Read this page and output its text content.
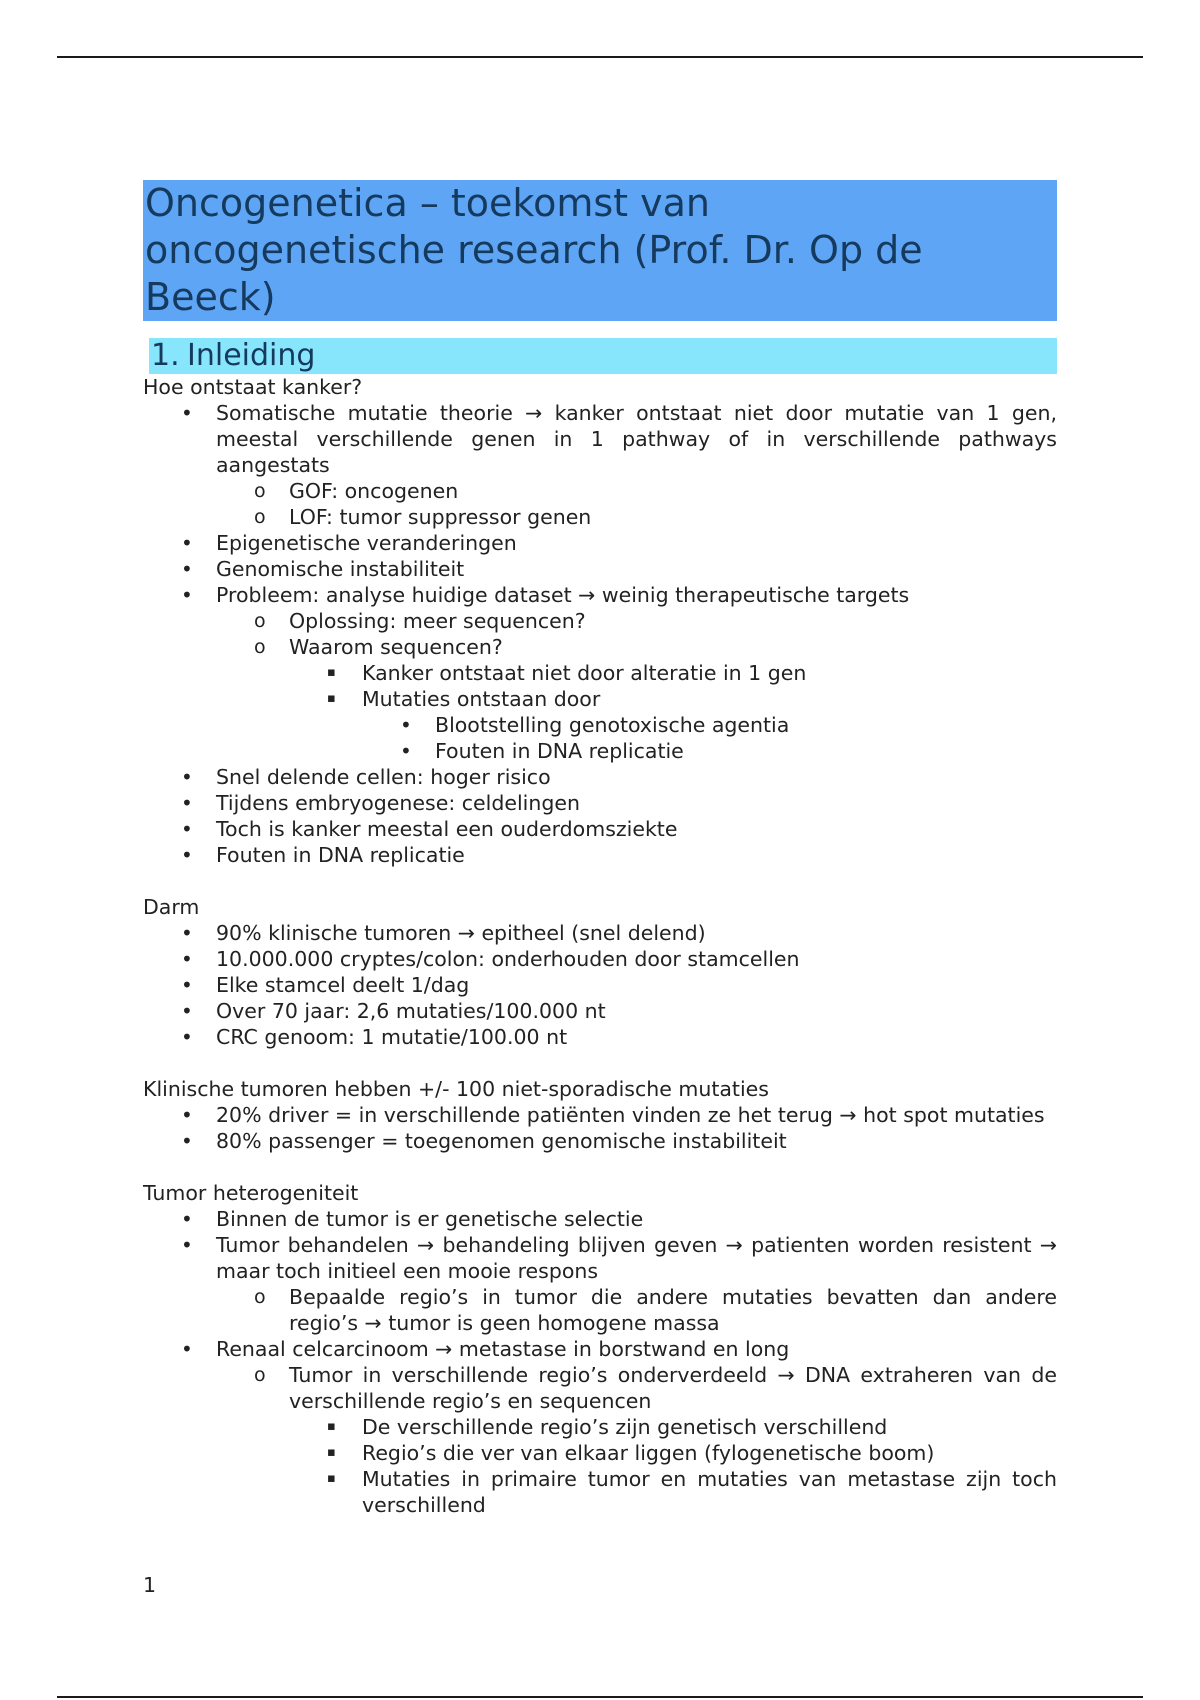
Oncogenetica – toekomst van
oncogenetische research (Prof. Dr. Op de
Beeck)
1. Inleiding

Hoe ontstaat kanker?

• Somatische mutatie theorie → kanker ontstaat niet door mutatie van 1 gen, meestal verschillende genen in 1 pathway of in verschillende pathways aangestats
o GOF: oncogenen
o LOF: tumor suppressor genen
• Epigenetische veranderingen
• Genomische instabiliteit
• Probleem: analyse huidige dataset → weinig therapeutische targets
o Oplossing: meer sequencen?
o Waarom sequencen?
▪ Kanker ontstaat niet door alteratie in 1 gen
▪ Mutaties ontstaan door
• Blootstelling genotoxische agentia
• Fouten in DNA replicatie
• Snel delende cellen: hoger risico
• Tijdens embryogenese: celdelingen
• Toch is kanker meestal een ouderdomsziekte
• Fouten in DNA replicatie

Darm

• 90% klinische tumoren → epitheel (snel delend)
• 10.000.000 cryptes/colon: onderhouden door stamcellen
• Elke stamcel deelt 1/dag
• Over 70 jaar: 2,6 mutaties/100.000 nt
• CRC genoom: 1 mutatie/100.00 nt

Klinische tumoren hebben +/- 100 niet-sporadische mutaties

• 20% driver = in verschillende patiënten vinden ze het terug → hot spot mutaties
• 80% passenger = toegenomen genomische instabiliteit

Tumor heterogeniteit

• Binnen de tumor is er genetische selectie
• Tumor behandelen → behandeling blijven geven → patienten worden resistent → maar toch initieel een mooie respons
o Bepaalde regio’s in tumor die andere mutaties bevatten dan andere regio’s → tumor is geen homogene massa
• Renaal celcarcinoom → metastase in borstwand en long
o Tumor in verschillende regio’s onderverdeeld → DNA extraheren van de verschillende regio’s en sequencen
▪ De verschillende regio’s zijn genetisch verschillend
▪ Regio’s die ver van elkaar liggen (fylogenetische boom)
▪ Mutaties in primaire tumor en mutaties van metastase zijn toch verschillend
1
